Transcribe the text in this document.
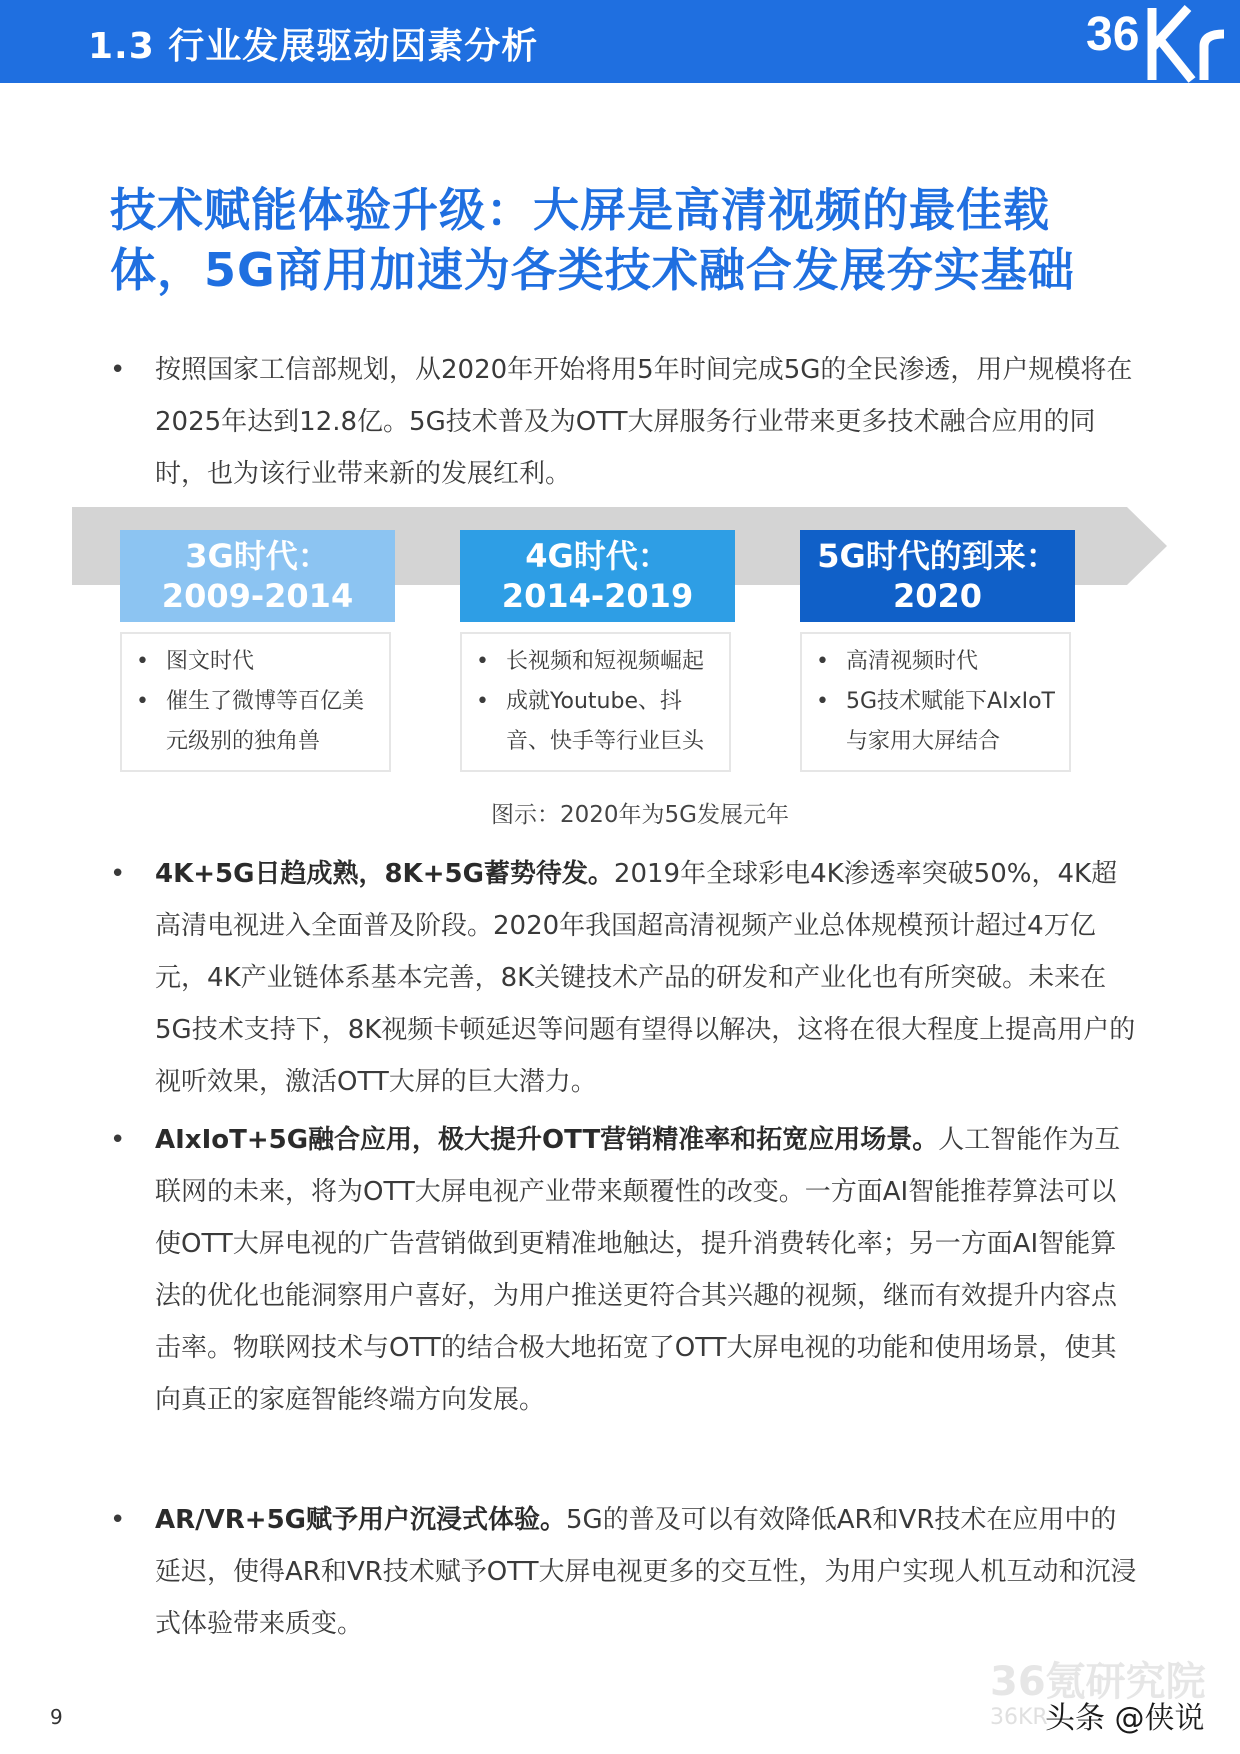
1.3 行业发展驱动因素分析	36
技术赋能体验升级：大屏是高清视频的最佳载
体，5G商用加速为各类技术融合发展夯实基础
•	按照国家工信部规划，从2020年开始将用5年时间完成5G的全民渗透，用户规模将在2025年达到12.8亿。5G技术普及为OTT大屏服务行业带来更多技术融合应用的同时，也为该行业带来新的发展红利。
3G时代：
2009-2014
4G时代：
2014-2019
5G时代的到来：
2020
• 图文时代
• 催生了微博等百亿美元级别的独角兽
• 长视频和短视频崛起
• 成就Youtube、抖音、快手等行业巨头
• 高清视频时代
• 5G技术赋能下AIxIoT与家用大屏结合
图示：2020年为5G发展元年
•	4K+5G日趋成熟，8K+5G蓄势待发。2019年全球彩电4K渗透率突破50%，4K超高清电视进入全面普及阶段。2020年我国超高清视频产业总体规模预计超过4万亿元，4K产业链体系基本完善，8K关键技术产品的研发和产业化也有所突破。未来在5G技术支持下，8K视频卡顿延迟等问题有望得以解决，这将在很大程度上提高用户的视听效果，激活OTT大屏的巨大潜力。
•	AIxIoT+5G融合应用，极大提升OTT营销精准率和拓宽应用场景。人工智能作为互联网的未来，将为OTT大屏电视产业带来颠覆性的改变。一方面AI智能推荐算法可以使OTT大屏电视的广告营销做到更精准地触达，提升消费转化率；另一方面AI智能算法的优化也能洞察用户喜好，为用户推送更符合其兴趣的视频，继而有效提升内容点击率。物联网技术与OTT的结合极大地拓宽了OTT大屏电视的功能和使用场景，使其向真正的家庭智能终端方向发展。
•	AR/VR+5G赋予用户沉浸式体验。5G的普及可以有效降低AR和VR技术在应用中的延迟，使得AR和VR技术赋予OTT大屏电视更多的交互性，为用户实现人机互动和沉浸式体验带来质变。
9
36氪研究院
36KR
头条 @侠说
